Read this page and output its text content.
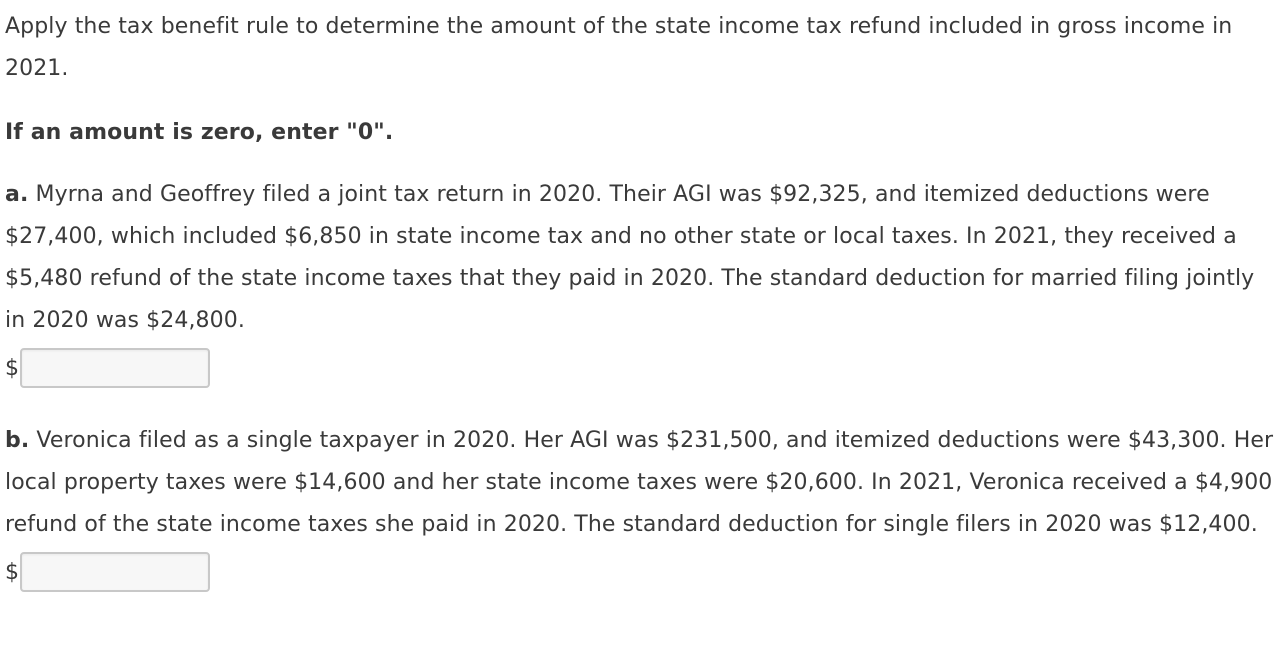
Apply the tax benefit rule to determine the amount of the state income tax refund included in gross income in 2021.

If an amount is zero, enter "0".

a. Myrna and Geoffrey filed a joint tax return in 2020. Their AGI was $92,325, and itemized deductions were $27,400, which included $6,850 in state income tax and no other state or local taxes. In 2021, they received a $5,480 refund of the state income taxes that they paid in 2020. The standard deduction for married filing jointly in 2020 was $24,800.

$

b. Veronica filed as a single taxpayer in 2020. Her AGI was $231,500, and itemized deductions were $43,300. Her local property taxes were $14,600 and her state income taxes were $20,600. In 2021, Veronica received a $4,900 refund of the state income taxes she paid in 2020. The standard deduction for single filers in 2020 was $12,400.

$
